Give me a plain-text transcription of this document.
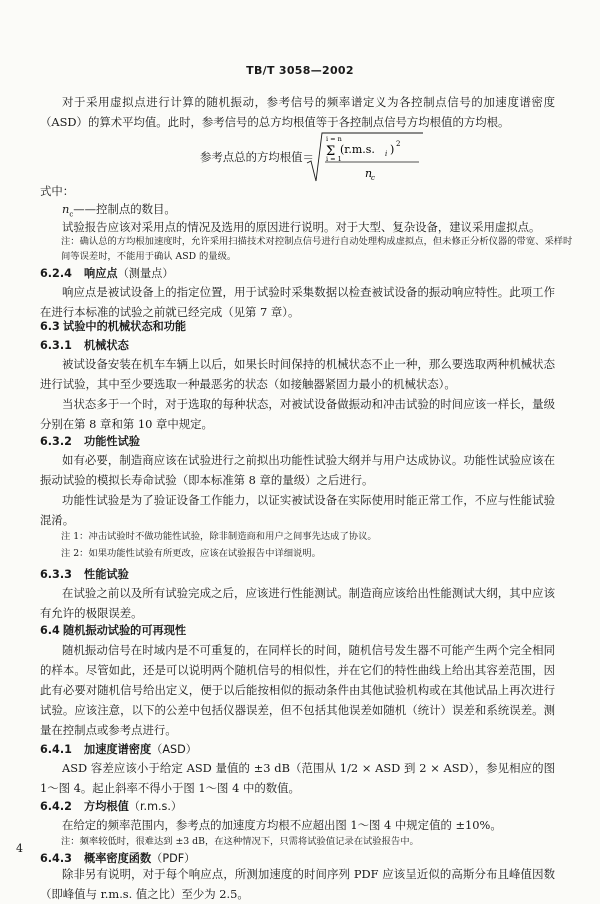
TB/T 3058—2002
对于采用虚拟点进行计算的随机振动，参考信号的频率谱定义为各控制点信号的加速度谱密度（ASD）的算术平均值。此时，参考信号的总方均根值等于各控制点信号方均根值的方均根。
参考点总的方均根值＝
i = n
Σ
i = 1
(r.m.s. i ) 2
n
c
式中：
$n_c——$控制点的数目。
试验报告应该对采用点的情况及选用的原因进行说明。对于大型、复杂设备，建议采用虚拟点。
注：确认总的方均根加速度时，允许采用扫描技术对控制点信号进行自动处理构成虚拟点，但未修正分析仪器的带宽、采样时间等误差时，不能用于确认 ASD 的量级。
6.2.4 响应点（测量点）
响应点是被试设备上的指定位置，用于试验时采集数据以检查被试设备的振动响应特性。此项工作在进行本标准的试验之前就已经完成（见第 7 章）。
6.3 试验中的机械状态和功能
6.3.1 机械状态
被试设备安装在机车车辆上以后，如果长时间保持的机械状态不止一种，那么要选取两种机械状态进行试验，其中至少要选取一种最恶劣的状态（如接触器紧固力最小的机械状态）。
当状态多于一个时，对于选取的每种状态，对被试设备做振动和冲击试验的时间应该一样长，量级分别在第 8 章和第 10 章中规定。
6.3.2 功能性试验
如有必要，制造商应该在试验进行之前拟出功能性试验大纲并与用户达成协议。功能性试验应该在振动试验的模拟长寿命试验（即本标准第 8 章的量级）之后进行。
功能性试验是为了验证设备工作能力，以证实被试设备在实际使用时能正常工作，不应与性能试验混淆。
注 1：冲击试验时不做功能性试验，除非制造商和用户之间事先达成了协议。
注 2：如果功能性试验有所更改，应该在试验报告中详细说明。
6.3.3 性能试验
在试验之前以及所有试验完成之后，应该进行性能测试。制造商应该给出性能测试大纲，其中应该有允许的极限误差。
6.4 随机振动试验的可再现性
随机振动信号在时域内是不可重复的，在同样长的时间，随机信号发生器不可能产生两个完全相同的样本。尽管如此，还是可以说明两个随机信号的相似性，并在它们的特性曲线上给出其容差范围，因此有必要对随机信号给出定义，便于以后能按相似的振动条件由其他试验机构或在其他试品上再次进行试验。应该注意，以下的公差中包括仪器误差，但不包括其他误差如随机（统计）误差和系统误差。测量在控制点或参考点进行。
6.4.1 加速度谱密度（ASD）
ASD 容差应该小于给定 ASD 量值的 ±3 dB（范围从 1/2 × ASD 到 2 × ASD），参见相应的图 1～图 4。起止斜率不得小于图 1～图 4 中的数值。
6.4.2 方均根值（r.m.s.）
在给定的频率范围内，参考点的加速度方均根不应超出图 1～图 4 中规定值的 ±10%。
注：频率较低时，很难达到 ±3 dB，在这种情况下，只需将试验值记录在试验报告中。
6.4.3 概率密度函数（PDF）
除非另有说明，对于每个响应点，所测加速度的时间序列 PDF 应该呈近似的高斯分布且峰值因数（即峰值与 r.m.s. 值之比）至少为 2.5。
4
